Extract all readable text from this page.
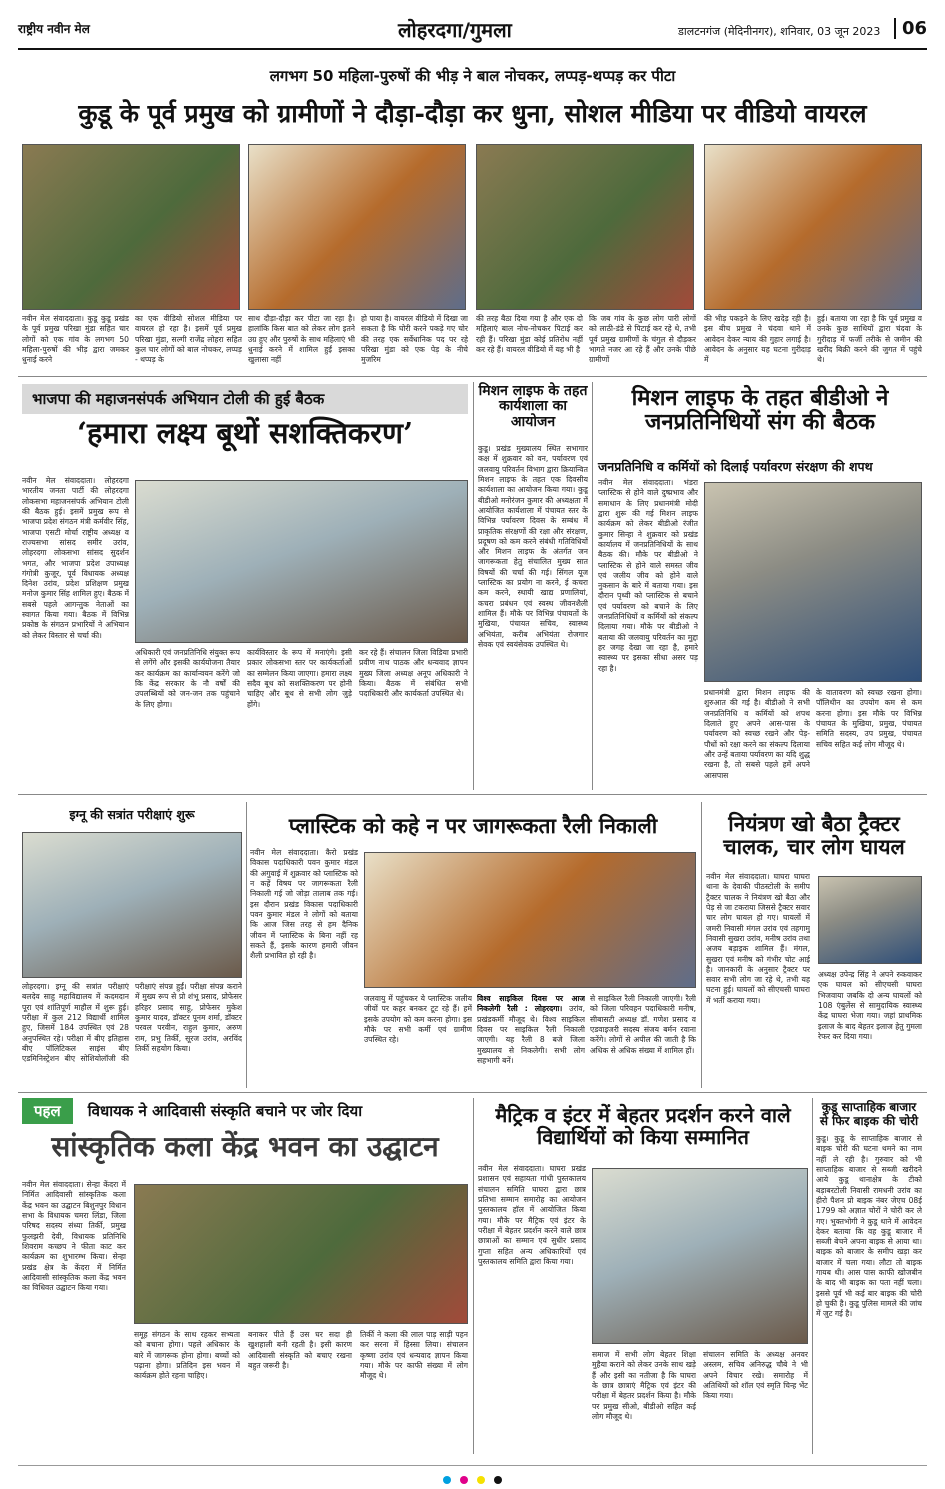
राष्ट्रीय नवीन मेल	लोहरदगा/गुमला	डालटनगंज (मेदिनीनगर), शनिवार, 03 जून 2023	06
लगभग 50 महिला-पुरुषों की भीड़ ने बाल नोचकर, लप्पड़-थप्पड़ कर पीटा
कुडू के पूर्व प्रमुख को ग्रामीणों ने दौड़ा-दौड़ा कर धुना, सोशल मीडिया पर वीडियो वायरल
नवीन मेल संवाददाता। कुडू कुडू प्रखंड के पूर्व प्रमुख परिखा मुंडा सहित चार लोगों को एक गांव के लगभग 50 महिला-पुरुषों की भीड़ द्वारा जमकर धुनाई करने
का एक वीडियो सोशल मीडिया पर वायरल हो रहा है। इसमें पूर्व प्रमुख परिखा मुंडा, सल्गी राजेंद्र लोहरा सहित कुल चार लोगों को बाल नोचकर, लप्पड़ - थप्पड़ के
साथ दौड़ा-दौड़ा कर पीटा जा रहा है। हालांकि किस बात को लेकर लोग इतने उग्र हुए और पुरुषों के साथ महिलाएं भी धुनाई करने में शामिल हुईं इसका खुलासा नहीं
हो पाया है। वायरल वीडियो में दिखा जा सकता है कि घोरी करने पकड़े गए चोर की तरह एक सर्वेधानिक पद पर रहे परिखा मुंडा को एक पेड़ के नीचे मुजरिम
की तरह बैठा दिया गया है और एक दो महिलाएं बाल नोच-नोचकर पिटाई कर रही हैं। परिखा मुंडा कोई प्रतिरोध नहीं कर रहे हैं। वायरल वीडियो में यह भी है
कि जब गांव के कुछ लोग पारी लोगों को लाठी-डंडे से पिटाई कर रहे थे, तभी पूर्व प्रमुख ग्रामीणों के चंगुल से दौड़कर भागते नजर आ रहे हैं और उनके पीछे ग्रामीणों
की भीड़ पकड़ने के लिए खदेड़ रही है। इस बीच प्रमुख ने चंदवा थाने में आवेदन देकर न्याय की गुहार लगाई है। आवेदन के अनुसार यह घटना गुरीदाड़ में
हुई। बताया जा रहा है कि पूर्व प्रमुख व उनके कुछ साथियों द्वारा चंदवा के गुरीदाड़ में फर्जी तरीके से जमीन की खरीद बिक्री करने की जुगत में पहुंचे थे।
भाजपा की महाजनसंपर्क अभियान टोली की हुई बैठक
‘हमारा लक्ष्य बूथों सशक्तिकरण’
नवीन मेल संवाददाता। लोहरदगा भारतीय जनता पार्टी की लोहरदगा लोकसभा महाजनसंपर्क अभियान टोली की बैठक हुई। इसमें प्रमुख रूप से भाजपा प्रदेश संगठन मंत्री कर्मवीर सिंह, भाजपा एसटी मोर्चा राष्ट्रीय अध्यक्ष व राज्यसभा सांसद समीर उरांव, लोहरदगा लोकसभा सांसद सुदर्शन भगत, और भाजपा प्रदेश उपाध्यक्ष गंगोत्री कुजूर, पूर्व विधायक अध्यक्ष दिनेश उरांव, प्रदेश प्रशिक्षण प्रमुख मनोज कुमार सिंह शामिल हुए। बैठक में सबसे पहले आगन्तुक नेताओं का स्वागत किया गया। बैठक में विभिन्न प्रकोष्ठ के संगठन प्रभारियों ने अभियान को लेकर विस्तार से चर्चा की।
अधिकारी एवं जनप्रतिनिधि संयुक्त रूप से लगेंगे और इसकी कार्ययोजना तैयार कर कार्यक्रम का कार्यान्वयन करेंगे जो कि केंद्र सरकार के नौ वर्षों की उपलब्धियों को जन-जन तक पहुंचाने के लिए होगा।
कार्यविस्तार के रूप में मनाएंगे। इसी प्रकार लोकसभा स्तर पर कार्यकर्ताओं का सम्मेलन किया जाएगा। हमारा लक्ष्य सदैव बूथ को सशक्तिकरण पर होनी चाहिए और बूथ से सभी लोग जुड़े होंगे।
कर रहे हैं। संचालन जिला विडिया प्रभारी प्रवीण नाथ पाठक और धन्यवाद ज्ञापन मुख्य जिला अध्यक्ष अनूप अधिकारी ने किया। बैठक में संबंधित सभी पदाधिकारी और कार्यकर्ता उपस्थित थे।
मिशन लाइफ के तहत कार्यशाला का आयोजन
कुडू। प्रखंड मुख्यालय स्थित सभागार कक्ष में शुक्रवार को वन, पर्यावरण एवं जलवायु परिवर्तन विभाग द्वारा क्रियान्वित मिशन लाइफ के तहत एक दिवसीय कार्यशाला का आयोजन किया गया। कुडू बीडीओ मनोरंजन कुमार की अध्यक्षता में आयोजित कार्यशाला में पंचायत स्तर के विभिन्न पर्यावरण दिवस के सम्बंध में प्राकृतिक संरक्षणों की रक्षा और संरक्षण, प्रदूषण को कम करने संबंधी गतिविधियों और मिशन लाइफ के अंतर्गत जन जागरूकता हेतु संचालित मुख्य सात विषयों की चर्चा की गई। सिंगल यूज प्लास्टिक का प्रयोग ना करने, ई कचरा कम करने, स्थायी खाद्य प्रणालियां, कचरा प्रबंधन एवं स्वस्थ जीवनशैली शामिल हैं। मौके पर विभिन्न पंचायतों के मुखिया, पंचायत सचिव, स्वास्थ्य अभियंता, करीब अभियंता रोजगार सेवक एवं स्वयंसेवक उपस्थित थे।
मिशन लाइफ के तहत बीडीओ ने जनप्रतिनिधियों संग की बैठक
जनप्रतिनिधि व कर्मियों को दिलाई पर्यावरण संरक्षण की शपथ
नवीन मेल संवाददाता। भंडरा प्लास्टिक से होने वाले दुष्प्रभाव और समाधान के लिए प्रधानमंत्री मोदी द्वारा शुरू की गई मिशन लाइफ कार्यक्रम को लेकर बीडीओ रंजीत कुमार सिन्हा ने शुक्रवार को प्रखंड कार्यालय में जनप्रतिनिधियों के साथ बैठक की। मौके पर बीडीओ ने प्लास्टिक से होने वाले समस्त जीव एवं जलीय जीव को होने वाले नुकसान के बारे में बताया गया। इस दौरान पृथ्वी को प्लास्टिक से बचाने एवं पर्यावरण को बचाने के लिए जनप्रतिनिधियों व कर्मियों को संकल्प दिलाया गया। मौके पर बीडीओ ने बताया की जलवायु परिवर्तन का मुद्दा हर जगह देखा जा रहा है, हमारे स्वास्थ्य पर इसका सीधा असर पड़ रहा है।
प्रधानमंत्री द्वारा मिशन लाइफ की शुरुआत की गई है। बीडीओ ने सभी जनप्रतिनिधि व कर्मियों को शपथ दिलाते हुए अपने आस-पास के पर्यावरण को स्वच्छ रखने और पेड़-पौधों को रक्षा करने का संकल्प दिलाया और उन्हें बताया पर्यावरण का यदि शुद्ध रखना है, तो सबसे पहले हमें अपने आसपास
के वातावरण को स्वच्छ रखना होगा। पॉलिथीन का उपयोग कम से कम करना होगा। इस मौके पर विभिन्न पंचायत के मुखिया, प्रमुख, पंचायत समिति सदस्य, उप प्रमुख, पंचायत सचिव सहित कई लोग मौजूद थे।
इग्नू की सत्रांत परीक्षाएं शुरू
लोहरदगा। इग्नू की सत्रांत परीक्षाएं बलदेव साहु महाविद्यालय में कदमदान पूरा एवं शांतिपूर्ण माहौल में शुरू हुई। परीक्षा में कुल 212 विद्यार्थी शामिल हुए, जिसमें 184 उपस्थित एवं 28 अनुपस्थित रहे। परीक्षा में बीए इतिहास बीए पॉलिटिकल साइंस बीए एडमिनिस्ट्रेशन बीए सोशियोलॉजी की परीक्षाएं संपन्न हुईं। परीक्षा संपन्न कराने में मुख्य रूप से प्रो शंभू प्रसाद, प्रोफेसर हरिहर प्रसाद साहू, प्रोफेसर मुकेश कुमार यादव, डॉक्टर पूनम शर्मा, डॉक्टर परवल परवीन, राहुल कुमार, अरुण राम, प्रभु तिर्की, सूरज उरांव, अरविंद तिर्की सहयोग किया।
प्लास्टिक को कहे न पर जागरूकता रैली निकाली
नवीन मेल संवाददाता। कैरो प्रखंड विकास पदाधिकारी पवन कुमार मंडल की अगुवाई में शुक्रवार को प्लास्टिक को न कहें विषय पर जागरूकता रैली निकाली गई जो जोड़ा तालाब तक गई। इस दौरान प्रखंड विकास पदाधिकारी पवन कुमार मंडल ने लोगों को बताया कि आज जिस तरह से हम दैनिक जीवन में प्लास्टिक के बिना नहीं रह सकते हैं, इसके कारण हमारी जीवन शैली प्रभावित हो रही है।
जलवायु में पहुंचकर ये प्लास्टिक जलीय जीवों पर कहर बनकर टूट रहे हैं। हमें इसके उपयोग को कम करना होगा। इस मौके पर सभी कर्मी एवं ग्रामीण उपस्थित रहे।
विश्व साइकिल दिवस पर आज निकलेगी रैली : लोहरदगा। उरांव, प्रखंडकर्मी मौजूद थे। विश्व साइकिल दिवस पर साइकिल रैली निकाली जाएगी। यह रैली 8 बजे जिला मुख्यालय से निकलेगी। सभी लोग सहभागी बनें।
से साइकिल रैली निकाली जाएगी। रैली को जिला परिवहन पदाधिकारी मनीष, सीबासटी अध्यक्ष डॉ. गणेश प्रसाद व एडवाइजरी सदस्य संजय बर्मन रवाना करेंगे। लोगों से अपील की जाती है कि अधिक से अधिक संख्या में शामिल हों।
नियंत्रण खो बैठा ट्रैक्टर चालक, चार लोग घायल
नवीन मेल संवाददाता। घाघरा घाघरा थाना के देवाकी पीठस्टोली के समीप ट्रैक्टर चालक ने नियंत्रण खो बैठा और पेड़ से जा टकराया जिससे ट्रैक्टर सवार चार लोग घायल हो गए। घायलों में जमरी निवासी मंगल उरांव एवं तहगामु निवासी सुखरा उरांव, मनीष उरांव तथा अजय बड़ाइक शामिल हैं। मंगल, सुखरा एवं मनीष को गंभीर चोट आई है। जानकारी के अनुसार ट्रैक्टर पर सवार सभी लोग जा रहे थे, तभी यह घटना हुई। घायलों को सीएचसी घाघरा में भर्ती कराया गया।
अध्यक्ष उपेन्द्र सिंह ने अपने रुकवाकर एक घायल को सीएचसी घाघरा भिजवाया जबकि दो अन्य घायलों को 108 एंबुलेंस से सामुदायिक स्वास्थ्य केंद्र घाघरा भेजा गया। जहां प्राथमिक इलाज के बाद बेहतर इलाज हेतु गुमला रेफर कर दिया गया।
पहल विधायक ने आदिवासी संस्कृति बचाने पर जोर दिया
सांस्कृतिक कला केंद्र भवन का उद्घाटन
नवीन मेल संवाददाता। सेन्हा केंदरा में निर्मित आदिवासी सांस्कृतिक कला केंद्र भवन का उद्घाटन बिशुनपुर विधान सभा के विधायक चमरा लिंडा, जिला परिषद सदस्य संध्या तिर्की, प्रमुख फुलझरी देवी, विधायक प्रतिनिधि शिवराम कच्छप ने फीता काट कर कार्यक्रम का शुभारम्भ किया। सेन्हा प्रखंड क्षेत्र के केंदरा में निर्मित आदिवासी सांस्कृतिक कला केंद्र भवन का विधिवत उद्घाटन किया गया।
समूह संगठन के साथ रहकर सभ्यता को बचाना होगा। पहले अधिकार के बारे में जागरूक होना होगा। बच्चों को पढ़ाना होगा। प्रतिदिन इस भवन में कार्यक्रम होते रहना चाहिए।
बनाकर पीते हैं उस घर सदा ही खुशहाली बनी रहती है। इसी कारण आदिवासी संस्कृति को बचाए रखना बहुत जरूरी है।
तिर्की ने कला की लाल पाड़ साड़ी पहन कर सरना में हिस्सा लिया। संचालन कृष्णा उरांव एवं धन्यवाद ज्ञापन किया गया। मौके पर काफी संख्या में लोग मौजूद थे।
मैट्रिक व इंटर में बेहतर प्रदर्शन करने वाले विद्यार्थियों को किया सम्मानित
नवीन मेल संवाददाता। घाघरा प्रखंड प्रशासन एवं सहायता गांधी पुस्तकालय संचालन समिति घाघरा द्वारा छात्र प्रतिभा सम्मान समारोह का आयोजन पुस्तकालय हॉल में आयोजित किया गया। मौके पर मैट्रिक एवं इंटर के परीक्षा में बेहतर प्रदर्शन करने वाले छात्र छात्राओं का सम्मान एवं सुधीर प्रसाद गुप्ता सहित अन्य अधिकारियों एवं पुस्तकालय समिति द्वारा किया गया।
समाज में सभी लोग बेहतर शिक्षा मुहैया कराने को लेकर उनके साथ खड़े हैं और इसी का नतीजा है कि घाघरा के छात्र छात्राएं मैट्रिक एवं इंटर की परीक्षा में बेहतर प्रदर्शन किया है। मौके पर प्रमुख सीओ, बीडीओ सहित कई लोग मौजूद थे।
संचालन समिति के अध्यक्ष अनवर अस्लम, सचिव अनिरुद्ध चौबे ने भी अपने विचार रखे। समारोह में अतिथियों को शॉल एवं स्मृति चिन्ह भेंट किया गया।
कुडू साप्ताहिक बाजार से फिर बाइक की चोरी
कुडू। कुडू के साप्ताहिक बाजार से बाइक चोरी की घटना थमने का नाम नहीं ले रही है। गुरुवार को भी साप्ताहिक बाजार से सब्जी खरीदने आये कुडू थानाक्षेत्र के टीको बड़ाबरटोली निवासी रामधनी उरांव का हीरो पैशन प्रो बाइक नंबर जेएच 08ई 1799 को अज्ञात चोरों ने चोरी कर ले गए। भुक्तभोगी ने कुडू थाने में आवेदन देकर बताया कि वह कुडू बाजार में सब्जी बेचने अपना बाइक से आया था। बाइक को बाजार के समीप खड़ा कर बाजार में चला गया। लौटा तो बाइक गायब थी। आस पास काफी खोजबीन के बाद भी बाइक का पता नहीं चला। इससे पूर्व भी कई बार बाइक की चोरी हो चुकी है। कुडू पुलिस मामले की जांच में जुट गई है।
